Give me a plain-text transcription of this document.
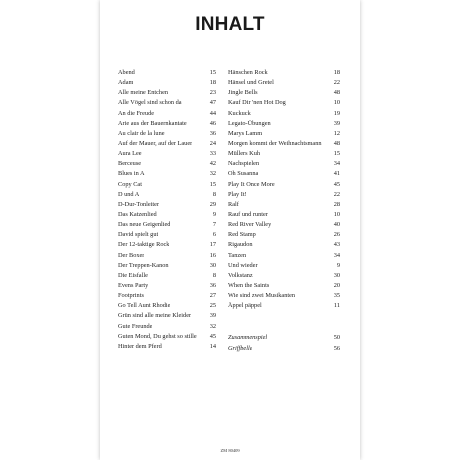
INHALT
Abend	15
Adam	18
Alle meine Entchen	23
Alle Vögel sind schon da	47
An die Freude	44
Arie aus der Bauernkantate	46
Au clair de la lune	36
Auf der Mauer, auf der Lauer	24
Aura Lee	33
Berceuse	42
Blues in A	32
Copy Cat	15
D und A	8
D-Dur-Tonleiter	29
Das Katzenlied	9
Das neue Geigenlied	7
David spielt gut	6
Der 12-taktige Rock	17
Der Boxer	16
Der Treppen-Kanon	30
Die Eisfalle	8
Evens Party	36
Footprints	27
Go Tell Aunt Rhodie	25
Grün sind alle meine Kleider	39
Gute Freunde	32
Guten Mond, Du gehst so stille	45
Hinter dem Pferd	14
Hänschen Rock	18
Hänsel und Gretel	22
Jingle Bells	48
Kauf Dir 'nen Hot Dog	10
Kuckuck	19
Legato-Übungen	39
Marys Lamm	12
Morgen kommt der Weihnachtsmann	48
Müllers Kuh	15
Nachspielen	34
Oh Susanna	41
Play It Once More	45
Play It!	22
Ralf	28
Rauf und runter	10
Red River Valley	40
Red Stamp	26
Rigaudon	43
Tanzen	34
Und wieder	9
Volkstanz	30
When the Saints	20
Wie sind zwei Musikanten	35
Äppel päppel	11
Zusammenspiel	50
Griffbelle	56
ZM 80409
